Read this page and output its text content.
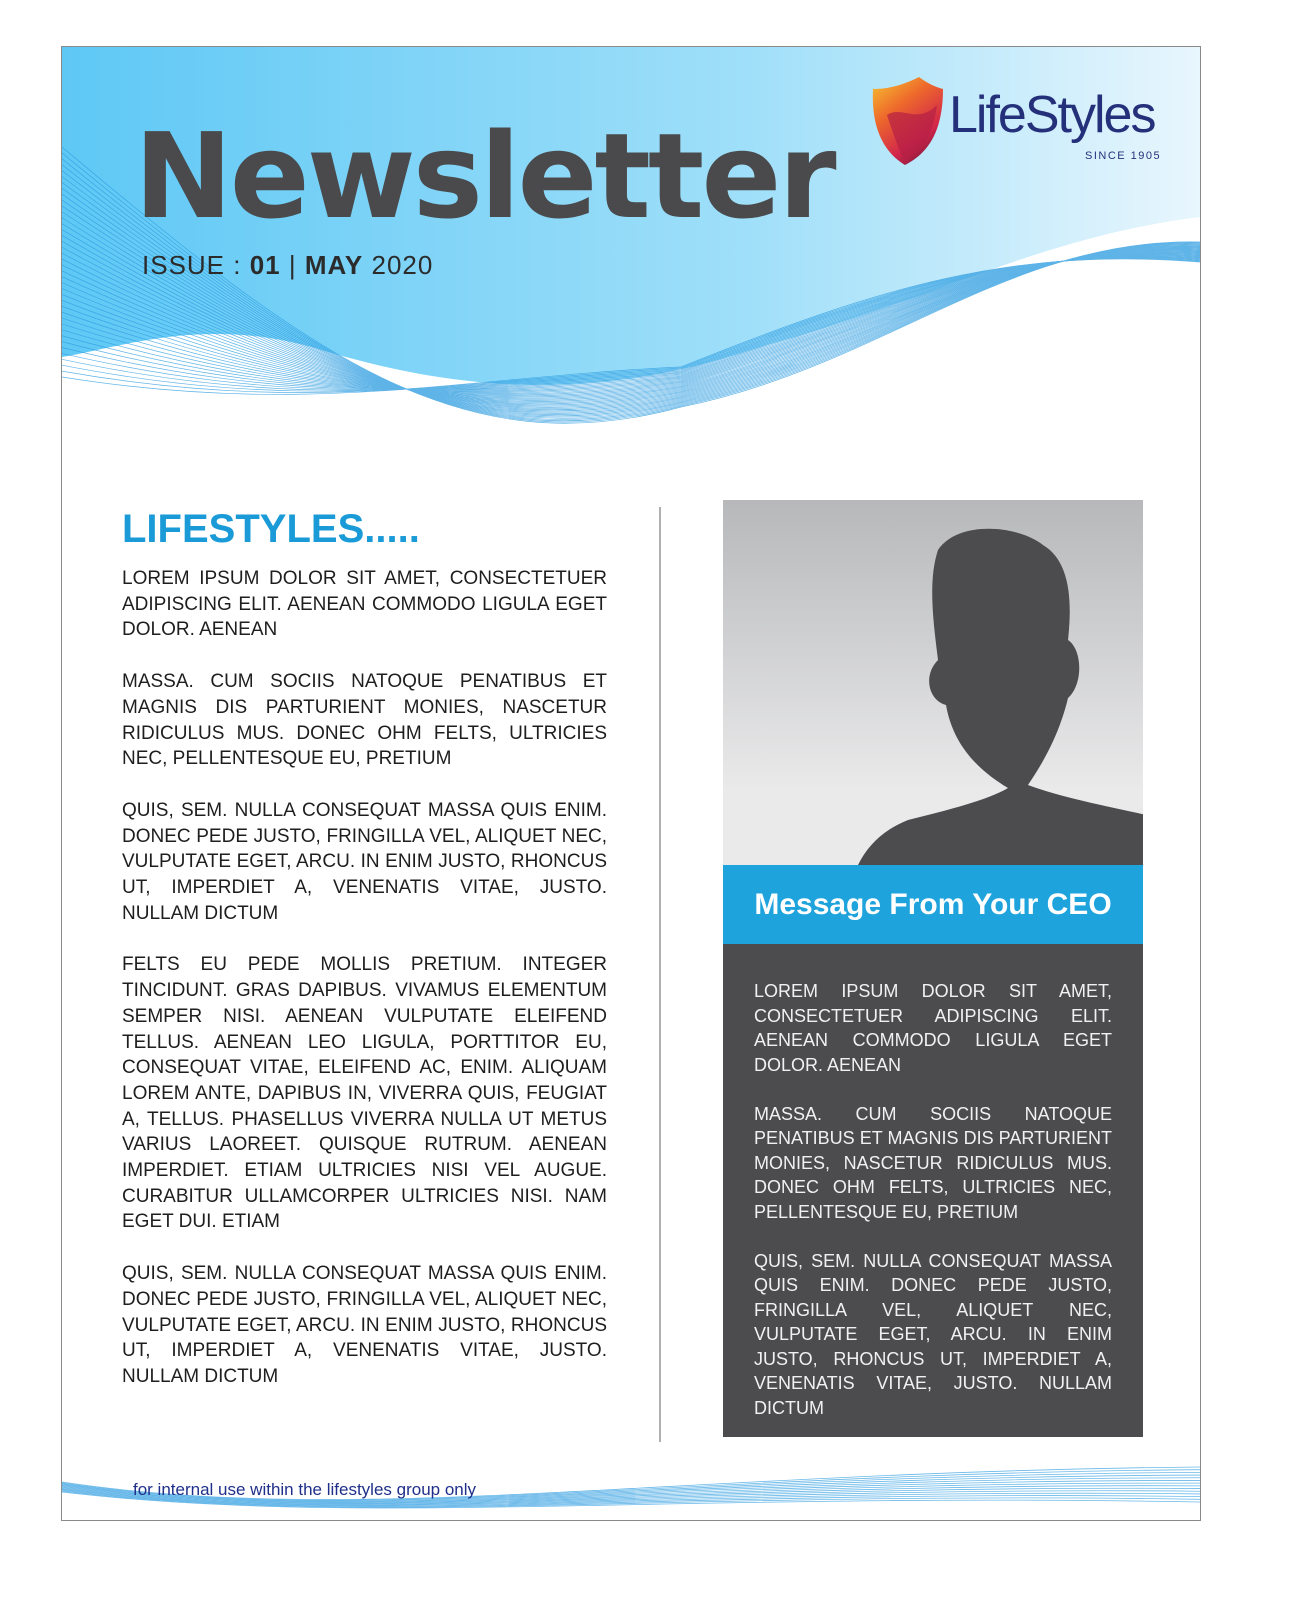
Newsletter
ISSUE : 01 | MAY 2020
LifeStyles
SINCE 1905
LIFESTYLES.....

LOREM IPSUM DOLOR SIT AMET, CONSECTETUER ADIPISCING ELIT. AENEAN COMMODO LIGULA EGET DOLOR. AENEAN

MASSA. CUM SOCIIS NATOQUE PENATIBUS ET MAGNIS DIS PARTURIENT MONIES, NASCETUR RIDICULUS MUS. DONEC OHM FELTS, ULTRICIES NEC, PELLENTESQUE EU, PRETIUM

QUIS, SEM. NULLA CONSEQUAT MASSA QUIS ENIM. DONEC PEDE JUSTO, FRINGILLA VEL, ALIQUET NEC, VULPUTATE EGET, ARCU. IN ENIM JUSTO, RHONCUS UT, IMPERDIET A, VENENATIS VITAE, JUSTO. NULLAM DICTUM

FELTS EU PEDE MOLLIS PRETIUM. INTEGER TINCIDUNT. GRAS DAPIBUS. VIVAMUS ELEMENTUM SEMPER NISI. AENEAN VULPUTATE ELEIFEND TELLUS. AENEAN LEO LIGULA, PORTTITOR EU, CONSEQUAT VITAE, ELEIFEND AC, ENIM. ALIQUAM LOREM ANTE, DAPIBUS IN, VIVERRA QUIS, FEUGIAT A, TELLUS. PHASELLUS VIVERRA NULLA UT METUS VARIUS LAOREET. QUISQUE RUTRUM. AENEAN IMPERDIET. ETIAM ULTRICIES NISI VEL AUGUE. CURABITUR ULLAMCORPER ULTRICIES NISI. NAM EGET DUI. ETIAM

QUIS, SEM. NULLA CONSEQUAT MASSA QUIS ENIM. DONEC PEDE JUSTO, FRINGILLA VEL, ALIQUET NEC, VULPUTATE EGET, ARCU. IN ENIM JUSTO, RHONCUS UT, IMPERDIET A, VENENATIS VITAE, JUSTO. NULLAM DICTUM

Message From Your CEO

LOREM IPSUM DOLOR SIT AMET, CONSECTETUER ADIPISCING ELIT. AENEAN COMMODO LIGULA EGET DOLOR. AENEAN

MASSA. CUM SOCIIS NATOQUE PENATIBUS ET MAGNIS DIS PARTURIENT MONIES, NASCETUR RIDICULUS MUS. DONEC OHM FELTS, ULTRICIES NEC, PELLENTESQUE EU, PRETIUM

QUIS, SEM. NULLA CONSEQUAT MASSA QUIS ENIM. DONEC PEDE JUSTO, FRINGILLA VEL, ALIQUET NEC, VULPUTATE EGET, ARCU. IN ENIM JUSTO, RHONCUS UT, IMPERDIET A, VENENATIS VITAE, JUSTO. NULLAM DICTUM

for internal use within the lifestyles group only
